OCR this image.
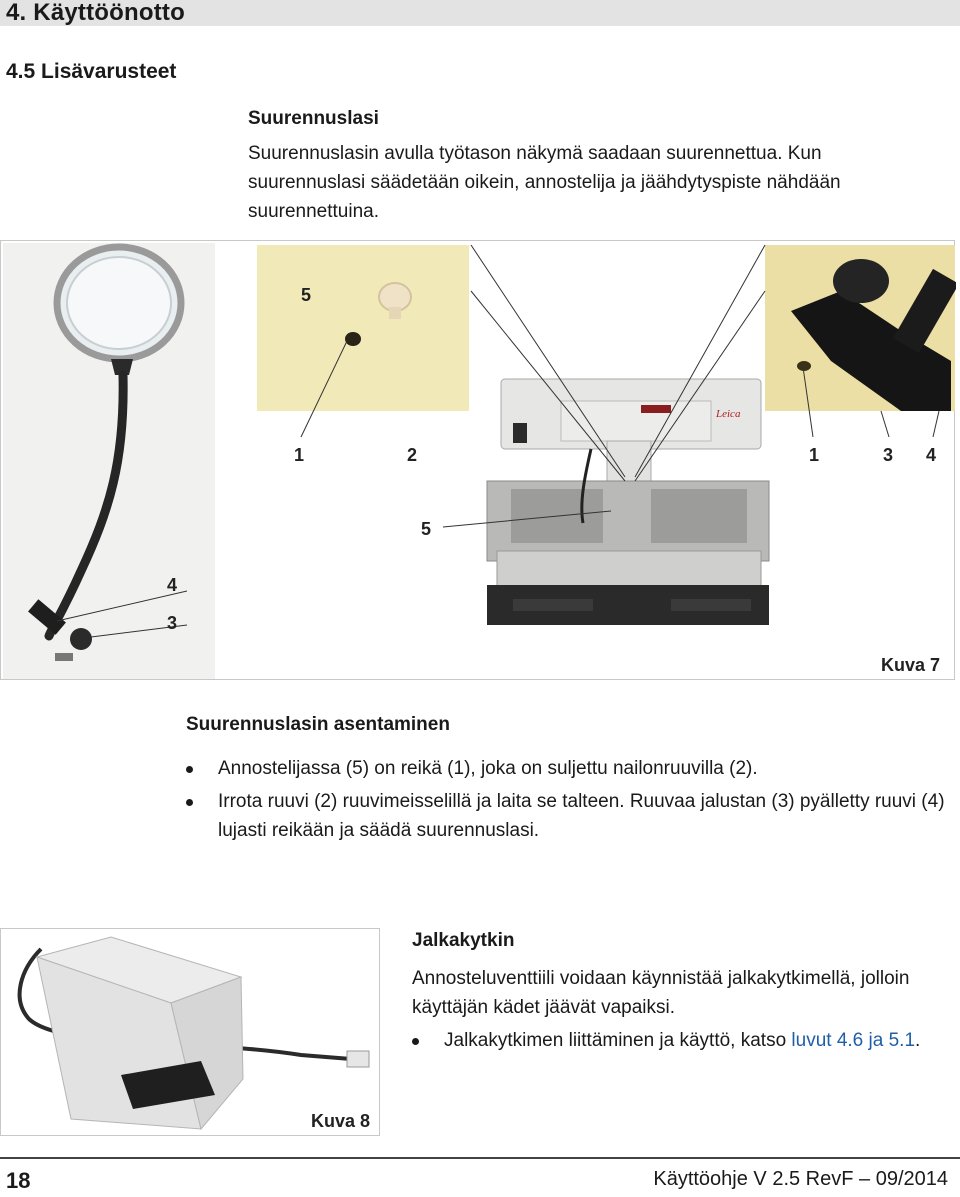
4. Käyttöönotto
4.5 Lisävarusteet
Suurennuslasi
Suurennuslasin avulla työtason näkymä saadaan suurennettua. Kun suurennuslasi säädetään oikein, annostelija ja jäähdytyspiste nähdään suurennettuina.
Leica
5
1	2	1	3 4
5
4
3
Kuva 7
Suurennuslasin asentaminen
Annostelijassa (5) on reikä (1), joka on suljettu nailonruuvilla (2).
Irrota ruuvi (2) ruuvimeisselillä ja laita se talteen. Ruuvaa jalustan (3) pyälletty ruuvi (4) lujasti reikään ja säädä suurennuslasi.
Kuva 8
Jalkakytkin
Annosteluventtiili voidaan käynnistää jalkakytkimellä, jolloin käyttäjän kädet jäävät vapaiksi.
Jalkakytkimen liittäminen ja käyttö, katso luvut 4.6 ja 5.1.
18	Käyttöohje V 2.5 RevF – 09/2014
